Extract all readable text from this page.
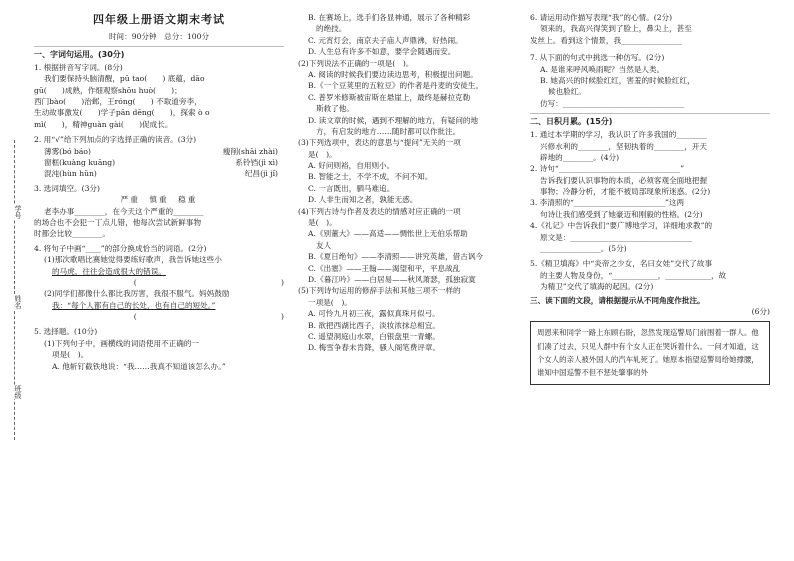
学号
姓名
班级
四年级上册语文期末考试
时间：90分钟　总分：100分
一、字词句运用。(30分)

1. 根据拼音写字词。(8分)

我们要保持头脑清醒，pū tao(　　) 底蕴，dāo

gū(　　)成熟，作细观察shōu huò(　　)；

西门bào(　　)治邺，王róng(　　) 不取道旁李，

生动故事激发(　　)学子pān dēng(　　)，探索 ò o

mì(　　)，精神guàn gài(　　)促成长。

2. 用“√”给下列加点的字选择正确的读音。(3分)

薄雾(bó báo)	瘦削(shāi zhài)
窗框(kuàng kuāng)	系铃铛(jì xì)
混沌(hùn hǔn)	纪昌(jì jǐ)

3. 选词填空。(3分)

严重　慎重　稳重

老李办事________，在今天这个严重的________

的场合也不会犯一丁点儿错，他每次尝试新鲜事物

时都会比较________。

4. 将句子中画“____”的部分换成恰当的词语。(2分)

(1)那次歌唱比赛她觉得要练好歌声，我告诉她这些小

的马虎，往往会造成很大的错误。

(　　　　　　　　　　　　　　　　　　　)

(2)同学们都像什么都比我厉害，我很不服气。妈妈鼓励

我：“每个人都有自己的长处，也有自己的短处。”

(　　　　　　　　　　　　　　　　　　　)

5. 选择题。(10分)

(1)下列句子中，画横线的词语使用不正确的一

项是(　)。

A. 他斩钉截铁地说：“我……我真不知道该怎么办。”

B. 在赛场上，选手们各显神通，展示了各种精彩

的绝技。

C. 元宵灯会，南京夫子庙人声鼎沸，好热闹。

D. 人生总有许多不如意，要学会随遇而安。

(2)下列说法不正确的一项是(　)。

A. 阅读的时候我们要边读边思考，积极提出问题。

B.《一个豆荚里的五粒豆》的作者是丹麦的安徒生。

C. 普罗米修斯被宙斯在悬崖上，最终是赫拉克勒

斯救了他。

D. 读文章的时候，遇到不理解的地方，有疑问的地

方，有启发的地方……随时都可以作批注。

(3)下列选项中，表达的意思与“提问”无关的一项

是(　)。

A. 好问则裕，自用则小。

B. 智能之士，不学不成，不问不知。

C. 一言既出，驷马难追。

D. 人非生而知之者，孰能无惑。

(4)下列古诗与作者及表达的情感对应正确的一项

是(　)。

A.《别董大》——高适——惆怅世上无伯乐帮助

友人

B.《夏日绝句》——李清照——讲究英雄，借古讽今

C.《出塞》——王翰——渴望和平，平息战乱

D.《暮江吟》——白居易——秋风萧瑟，孤独寂寞

(5)下列诗句运用的修辞手法和其他三项不一样的

一项是(　)。

A. 可怜九月初三夜，露似真珠月似弓。

B. 欲把西湖比西子，淡妆浓抹总相宜。

C. 遥望洞庭山水翠，白银盘里一青螺。

D. 梅雪争春未肯降，骚人阁笔费评章。

6. 请运用动作描写表现“我”的心情。(2分)

领来的，我高兴得笑到了脸上，鼻尖上，甚至

发丝上。看到这个情景，我________________

7. 从下面的句式中挑选一种仿写。(2分)

A. 是谁来呼风唤雨呢？当然是人类。

B. 她高兴的时候脸红红，害羞的时候脸红红，

候也脸红。

仿写：________________________________

二、日积月累。(15分)

1. 通过本学期的学习，我认识了许多我国的________

兴修水利的________，坚韧执着的________，开天

辟地的________。(4分)

2. 诗句“________________________________”

告诉我们要认识事物的本质，必须客观全面地把握

事物；冷静分析，才能不被局部现象所迷惑。(2分)

3. 李清照的“________________________”这两

句诗让我们感受到了她豪迈和刚毅的性格。(2分)

4.《礼记》中告诉我们“要广博地学习，详细地求教”的

原文是：________________________________

________________。(5分)

5.《精卫填海》中“炎帝之少女，名曰女娃”交代了故事

的主要人物及身份，“____________，____________，故

为精卫”交代了填海的起因。(2分)

三、读下面的文段，请根据提示从不同角度作批注。

(6分)

周恩来和同学一路上东顾右盼，忽然发现巡警局门前围着一群人。他们凑了过去，只见人群中有个女人正在哭诉着什么。一问才知道，这个女人的亲人被外国人的汽车轧死了。她原本指望巡警局给她撑腰，谁知中国巡警不但不惩处肇事的外
